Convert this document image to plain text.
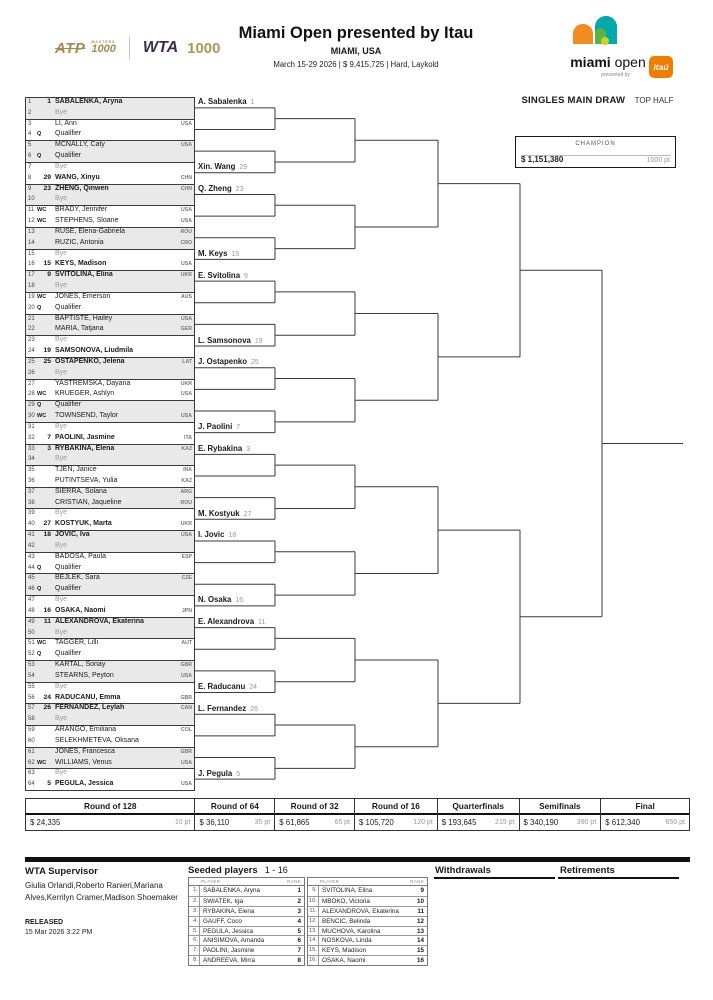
ATP MASTERS
1000 WTA 1000
Miami Open presented by Itau
MIAMI, USA
March 15-29 2026 | $ 9,415,725 | Hard, Laykold	miami open
presented by
itaú
SINGLES MAIN DRAW TOP HALF
CHAMPION
$ 1,151,380	1000 pt
1	1 SABALENKA, Aryna
2	Bye
3	LI, Ann	USA
4	Q Qualifier
5	MCNALLY, Caty	USA
6	Q Qualifier
7	Bye
8	29 WANG, Xinyu	CHN
9	23 ZHENG, Qinwen	CHN
10	Bye
11 WC BRADY, Jennifer	USA
12 WC STEPHENS, Sloane	USA
13	RUSE, Elena-Gabriela	ROU
14	RUZIC, Antonia	CRO
15	Bye
16	15 KEYS, Madison	USA
17	9 SVITOLINA, Elina	UKR
18	Bye
19 WC JONES, Emerson	AUS
20 Q Qualifier
21	BAPTISTE, Hailey	USA
22	MARIA, Tatjana	GER
23	Bye
24	19 SAMSONOVA, Liudmila
25	25 OSTAPENKO, Jelena	LAT
26	Bye
27	YASTREMSKA, Dayana	UKR
28 WC KRUEGER, Ashlyn	USA
29 Q Qualifier
30 WC TOWNSEND, Taylor	USA
31	Bye
32	7 PAOLINI, Jasmine	ITA
33	3 RYBAKINA, Elena	KAZ
34	Bye
35	TJEN, Janice	INA
36	PUTINTSEVA, Yulia	KAZ
37	SIERRA, Solana	ARG
38	CRISTIAN, Jaqueline	ROU
39	Bye
40	27 KOSTYUK, Marta	UKR
41	18 JOVIC, Iva	USA
42	Bye
43	BADOSA, Paula	ESP
44 Q Qualifier
45	BEJLEK, Sara	CZE
46 Q Qualifier
47	Bye
48	16 OSAKA, Naomi	JPN
49	11 ALEXANDROVA, Ekaterina
50	Bye
51 WC TAGGER, Lilli	AUT
52 Q Qualifier
53	KARTAL, Sonay	GBR
54	STEARNS, Peyton	USA
55	Bye
56	24 RADUCANU, Emma	GBR
57	26 FERNANDEZ, Leylah	CAN
58	Bye
59	ARANGO, Emiliana	COL
60	SELEKHMETEVA, Oksana
61	JONES, Francesca	GBR
62 WC WILLIAMS, Venus	USA
63	Bye
64	5 PEGULA, Jessica	USA
A. Sabalenka 1
Xin. Wang 29
Q. Zheng 23
M. Keys 15
E. Svitolina 9
L. Samsonova 19
J. Ostapenko 25
J. Paolini 7
E. Rybakina 3
M. Kostyuk 27
I. Jovic 18
N. Osaka 16
E. Alexandrova 11
E. Raducanu 24
L. Fernandez 26
J. Pegula 5
Round of 128
$ 24,335	10 pt
Round of 64
$ 36,110	35 pt
Round of 32
$ 61,865	65 pt
Round of 16
$ 105,720	120 pt
Quarterfinals
$ 193,645	215 pt
Semifinals
$ 340,190	390 pt
Final
$ 612,340	650 pt
WTA Supervisor
Giulia Orlandi,Roberto Ranieri,Mariana
Alves,Kerrilyn Cramer,Madison Shoemaker
RELEASED
15 Mar 2026 3:22 PM
Seeded players 1 - 16
PLAYER	RANK
1. SABALENKA, Aryna	1
2. SWIATEK, Iga	2
3. RYBAKINA, Elena	3
4. GAUFF, Coco	4
5. PEGULA, Jessica	5
6. ANISIMOVA, Amanda	6
7. PAOLINI, Jasmine	7
8. ANDREEVA, Mirra	8
PLAYER	RANK
9. SVITOLINA, Elina	9
10. MBOKO, Victoria	10
11. ALEXANDROVA, Ekaterina	11
12. BENCIC, Belinda	12
13. MUCHOVA, Karolina	13
14. NOSKOVA, Linda	14
15. KEYS, Madison	15
16. OSAKA, Naomi	16
Withdrawals	Retirements
